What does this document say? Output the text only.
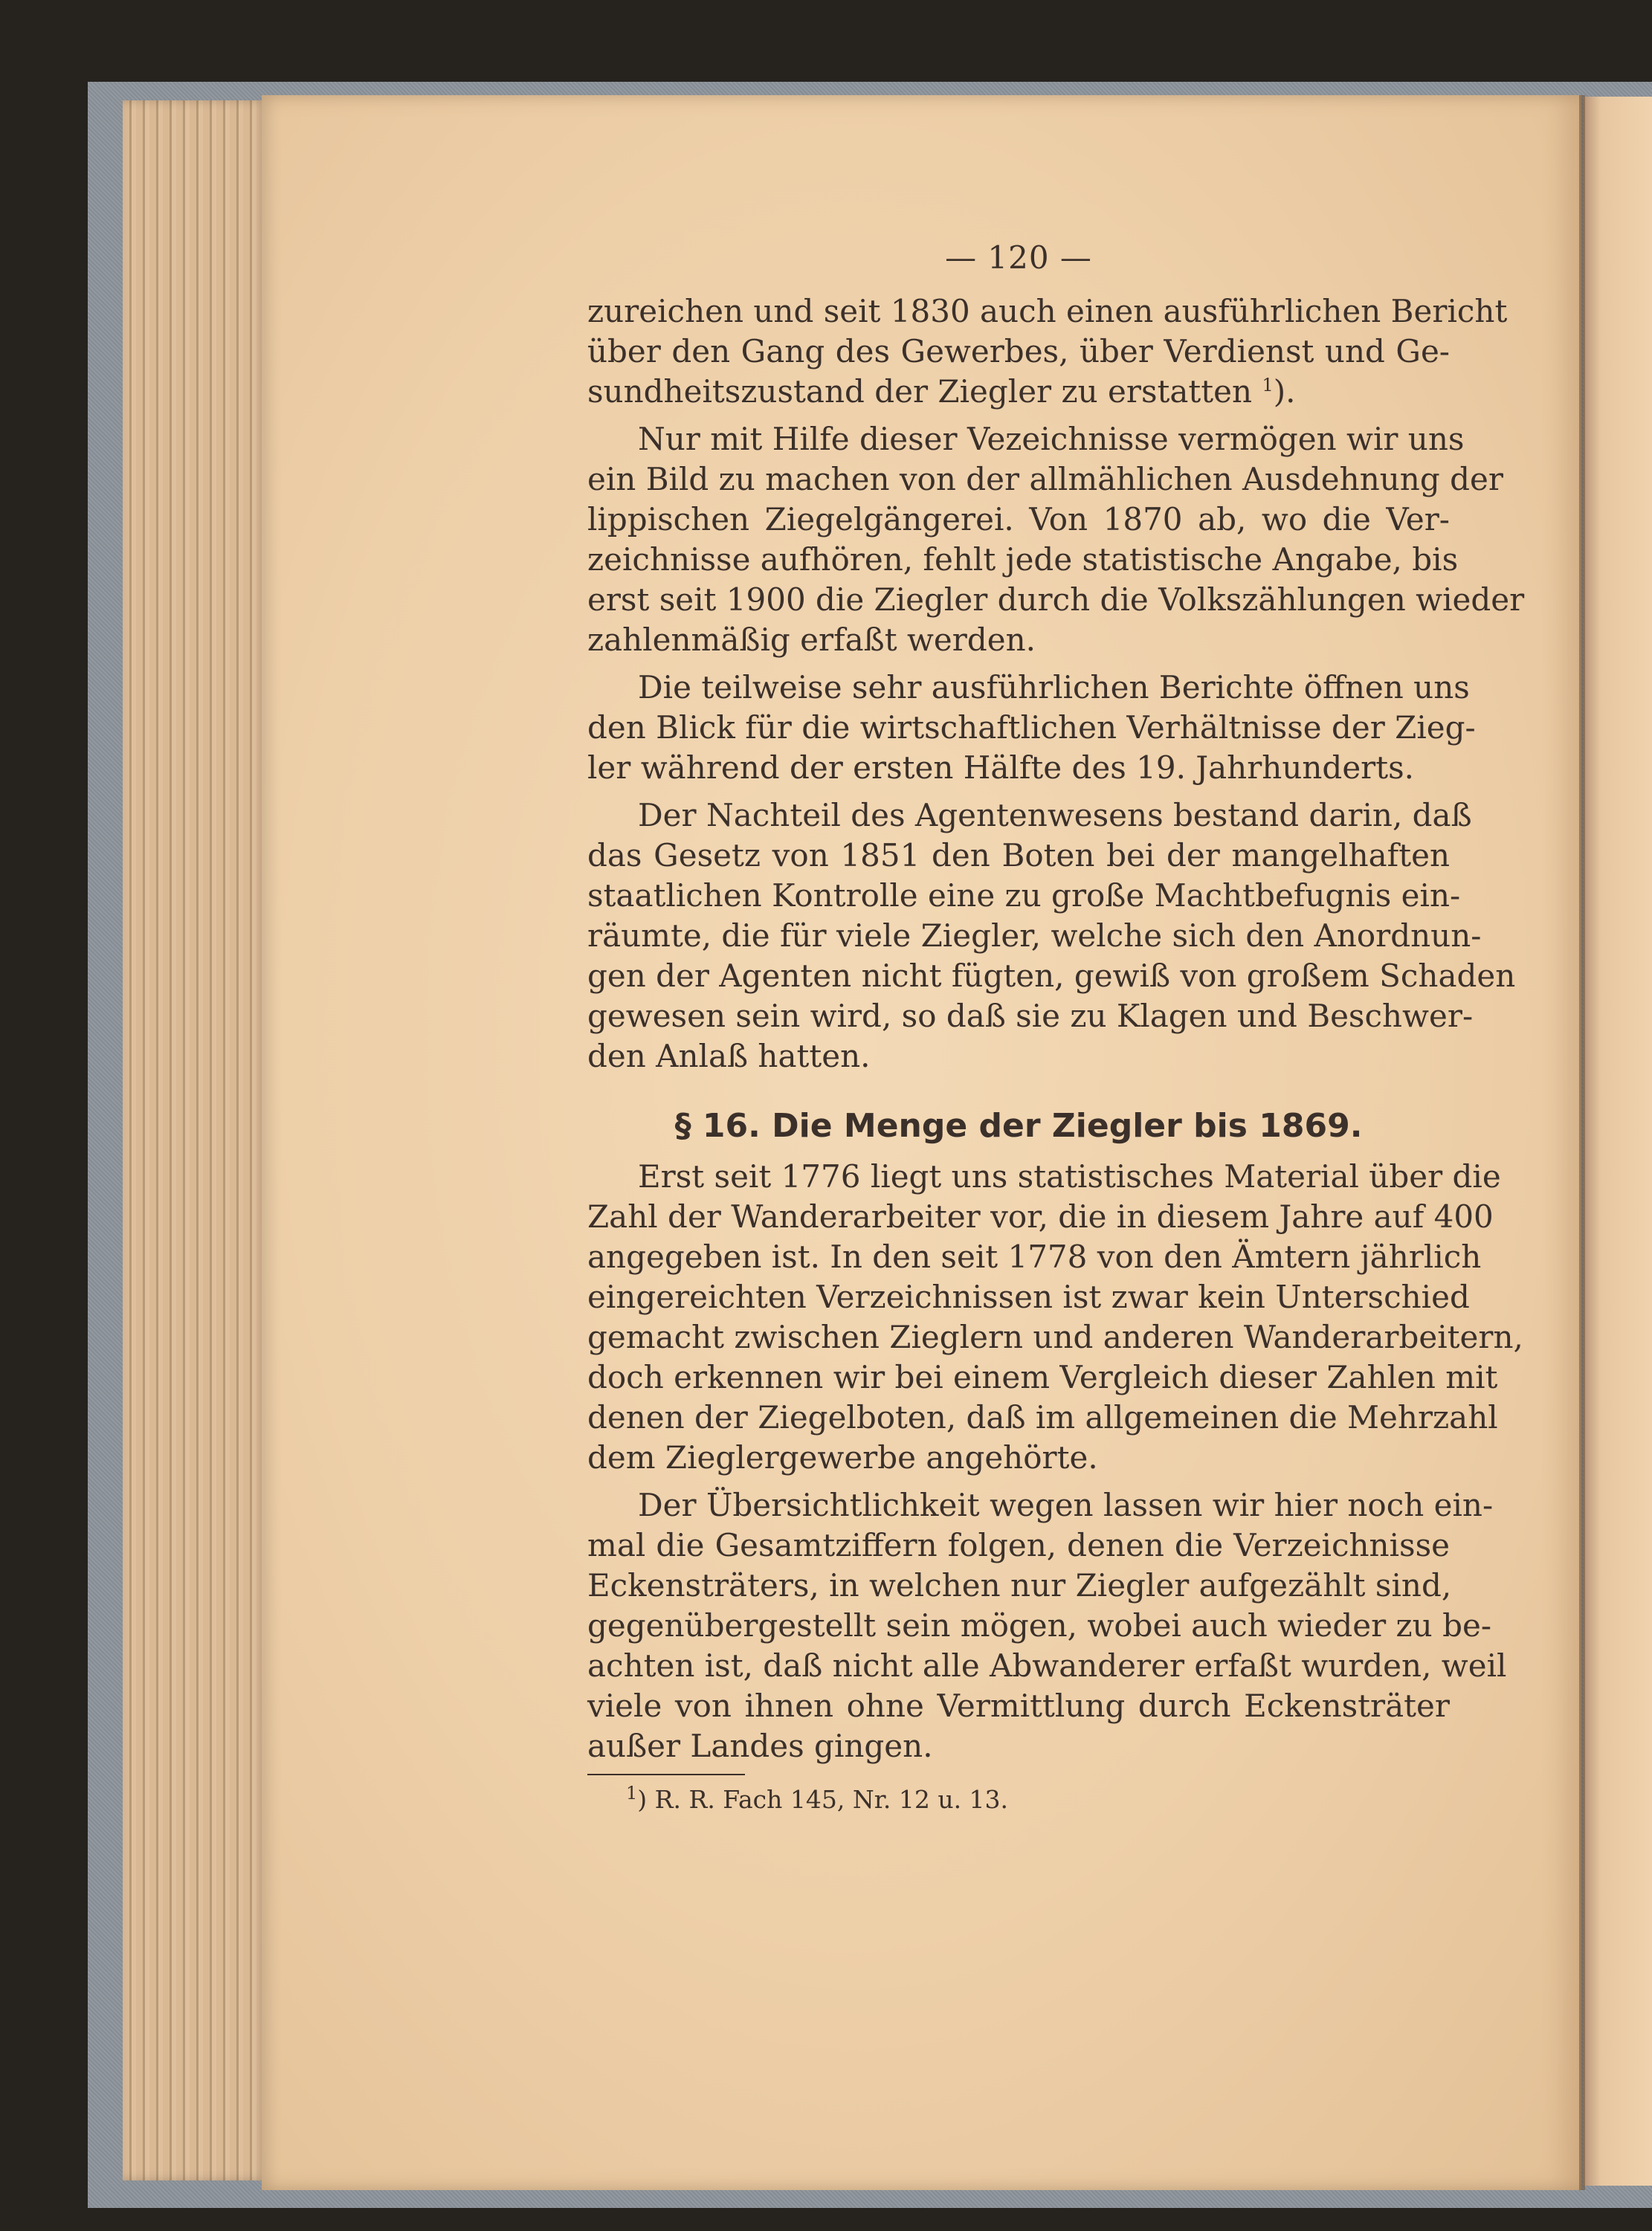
— 120 —
zureichen und seit 1830 auch einen ausführlichen Bericht
über den Gang des Gewerbes, über Verdienst und Ge-
sundheitszustand der Ziegler zu erstatten $^1$).
Nur mit Hilfe dieser Vezeichnisse vermögen wir uns
ein Bild zu machen von der allmählichen Ausdehnung der
lippischen Ziegelgängerei. Von 1870 ab, wo die Ver-
zeichnisse aufhören, fehlt jede statistische Angabe, bis
erst seit 1900 die Ziegler durch die Volkszählungen wieder
zahlenmäßig erfaßt werden.
Die teilweise sehr ausführlichen Berichte öffnen uns
den Blick für die wirtschaftlichen Verhältnisse der Zieg-
ler während der ersten Hälfte des 19. Jahrhunderts.
Der Nachteil des Agentenwesens bestand darin, daß
das Gesetz von 1851 den Boten bei der mangelhaften
staatlichen Kontrolle eine zu große Machtbefugnis ein-
räumte, die für viele Ziegler, welche sich den Anordnun-
gen der Agenten nicht fügten, gewiß von großem Schaden
gewesen sein wird, so daß sie zu Klagen und Beschwer-
den Anlaß hatten.
§ 16. Die Menge der Ziegler bis 1869.
Erst seit 1776 liegt uns statistisches Material über die
Zahl der Wanderarbeiter vor, die in diesem Jahre auf 400
angegeben ist. In den seit 1778 von den Ämtern jährlich
eingereichten Verzeichnissen ist zwar kein Unterschied
gemacht zwischen Zieglern und anderen Wanderarbeitern,
doch erkennen wir bei einem Vergleich dieser Zahlen mit
denen der Ziegelboten, daß im allgemeinen die Mehrzahl
dem Zieglergewerbe angehörte.
Der Übersichtlichkeit wegen lassen wir hier noch ein-
mal die Gesamtziffern folgen, denen die Verzeichnisse
Eckensträters, in welchen nur Ziegler aufgezählt sind,
gegenübergestellt sein mögen, wobei auch wieder zu be-
achten ist, daß nicht alle Abwanderer erfaßt wurden, weil
viele von ihnen ohne Vermittlung durch Eckensträter
außer Landes gingen.
$^1$) R. R. Fach 145, Nr. 12 u. 13.
